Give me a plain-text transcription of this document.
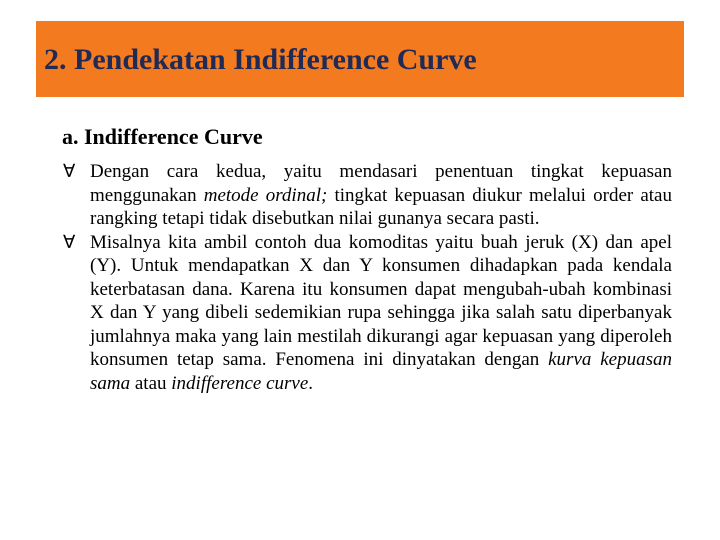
2. Pendekatan Indifference Curve
a. Indifference Curve
∀ Dengan cara kedua, yaitu mendasari penentuan tingkat kepuasan menggunakan metode ordinal; tingkat kepuasan diukur melalui order atau rangking tetapi tidak disebutkan nilai gunanya secara pasti.
∀ Misalnya kita ambil contoh dua komoditas yaitu buah jeruk (X) dan apel (Y). Untuk mendapatkan X dan Y konsumen dihadapkan pada kendala keterbatasan dana. Karena itu konsumen dapat mengubah-ubah kombinasi X dan Y yang dibeli sedemikian rupa sehingga jika salah satu diperbanyak jumlahnya maka yang lain mestilah dikurangi agar kepuasan yang diperoleh konsumen tetap sama. Fenomena ini dinyatakan dengan kurva kepuasan sama atau indifference curve.
